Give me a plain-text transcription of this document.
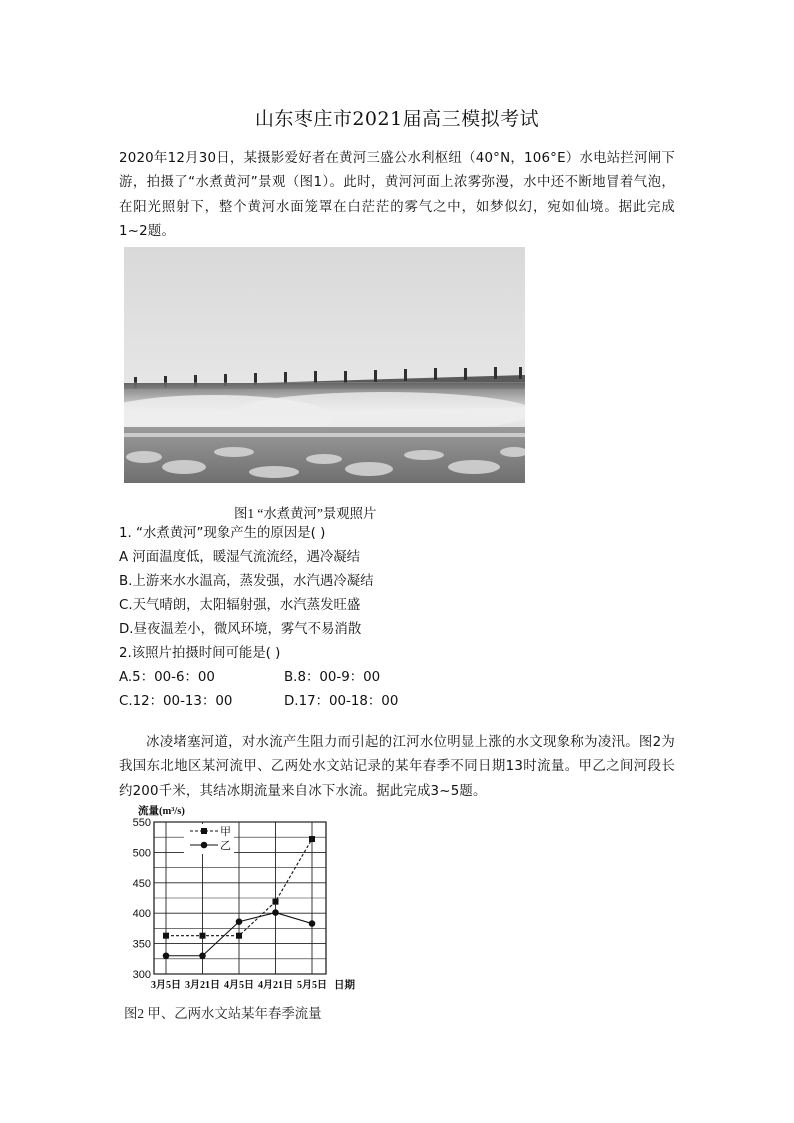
山东枣庄市2021届高三模拟考试
2020年12月30日，某摄影爱好者在黄河三盛公水利枢纽（40°N，106°E）水电站拦河闸下游，拍摄了“水煮黄河”景观（图1）。此时，黄河河面上浓雾弥漫，水中还不断地冒着气泡，在阳光照射下，整个黄河水面笼罩在白茫茫的雾气之中，如梦似幻，宛如仙境。据此完成1~2题。
图1 “水煮黄河”景观照片
1. “水煮黄河”现象产生的原因是( )
A 河面温度低，暖湿气流流经，遇冷凝结
B.上游来水水温高，蒸发强，水汽遇冷凝结
C.天气晴朗，太阳辐射强，水汽蒸发旺盛
D.昼夜温差小，微风环境，雾气不易消散
2.该照片拍摄时间可能是( )
A.5：00-6：00	B.8：00-9：00
C.12：00-13：00	D.17：00-18：00
冰凌堵塞河道，对水流产生阻力而引起的江河水位明显上涨的水文现象称为凌汛。图2为我国东北地区某河流甲、乙两处水文站记录的某年春季不同日期13时流量。甲乙之间河段长约200千米，其结冰期流量来自冰下水流。据此完成3~5题。
流量(m³/s)
日期
300
350
400
450
500
550
3月5日 3月21日 4月5日 4月21日 5月5日
甲
乙
图2 甲、乙两水文站某年春季流量
